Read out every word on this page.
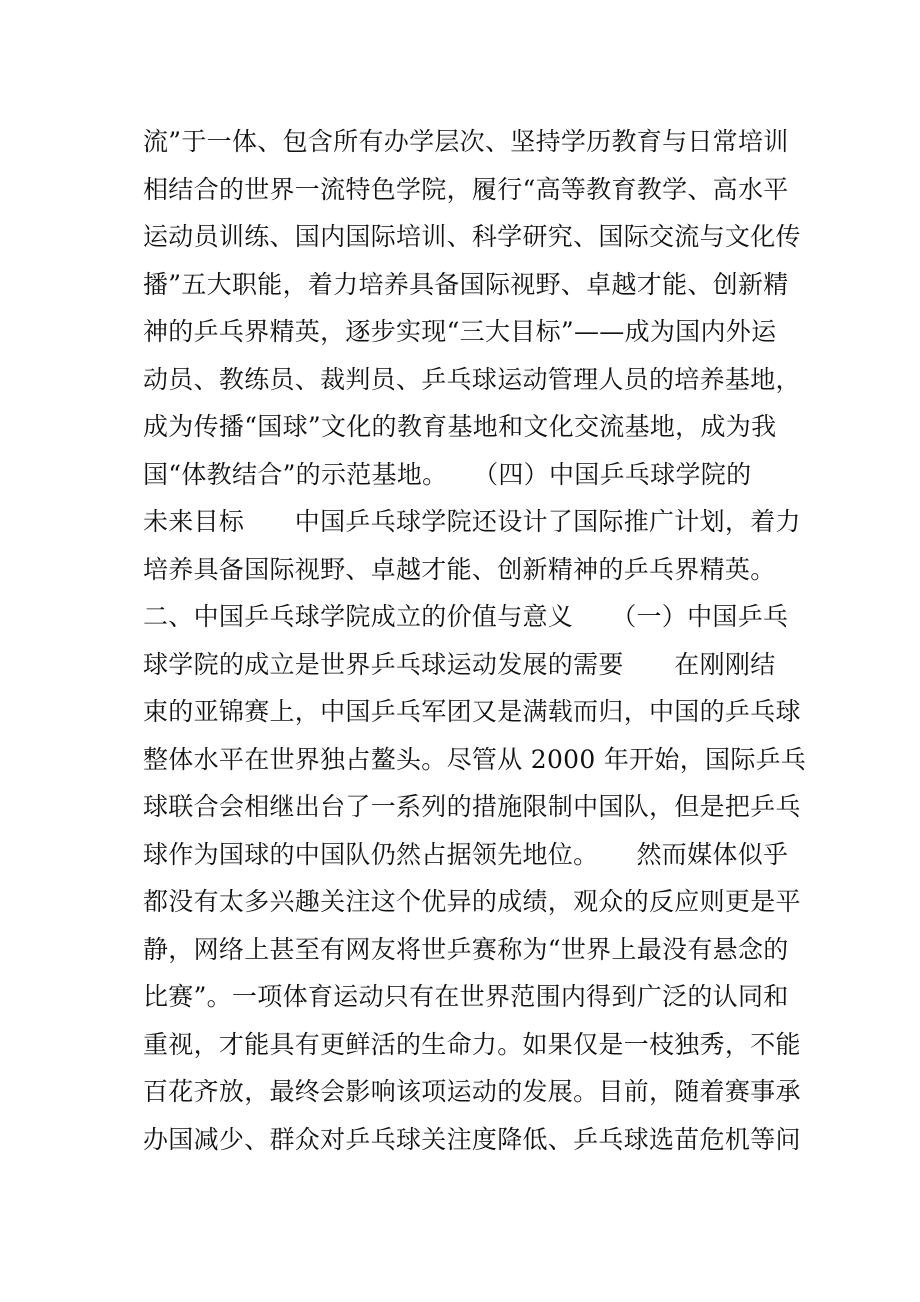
流”于一体、包含所有办学层次、坚持学历教育与日常培训
相结合的世界一流特色学院，履行“高等教育教学、高水平
运动员训练、国内国际培训、科学研究、国际交流与文化传
播”五大职能，着力培养具备国际视野、卓越才能、创新精
神的乒乓界精英，逐步实现“三大目标”——成为国内外运
动员、教练员、裁判员、乒乓球运动管理人员的培养基地，
成为传播“国球”文化的教育基地和文化交流基地，成为我
国“体教结合”的示范基地。　　（四）中国乒乓球学院的
未来目标　　中国乒乓球学院还设计了国际推广计划，着力
培养具备国际视野、卓越才能、创新精神的乒乓界精英。
二、中国乒乓球学院成立的价值与意义　　（一）中国乒乓
球学院的成立是世界乒乓球运动发展的需要　　在刚刚结
束的亚锦赛上，中国乒乓军团又是满载而归，中国的乒乓球
整体水平在世界独占鳌头。尽管从 2000 年开始，国际乒乓
球联合会相继出台了一系列的措施限制中国队，但是把乒乓
球作为国球的中国队仍然占据领先地位。　　然而媒体似乎
都没有太多兴趣关注这个优异的成绩，观众的反应则更是平
静，网络上甚至有网友将世乒赛称为“世界上最没有悬念的
比赛”。一项体育运动只有在世界范围内得到广泛的认同和
重视，才能具有更鲜活的生命力。如果仅是一枝独秀，不能
百花齐放，最终会影响该项运动的发展。目前，随着赛事承
办国减少、群众对乒乓球关注度降低、乒乓球选苗危机等问
